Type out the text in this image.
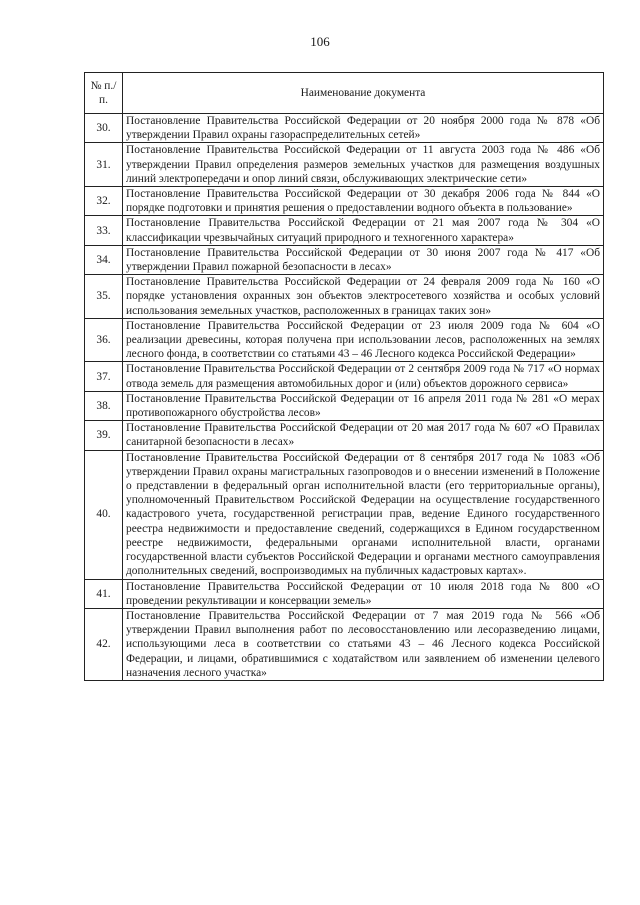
106
№ п./п.	Наименование документа
30.	Постановление Правительства Российской Федерации от 20 ноября 2000 года № 878 «Об утверждении Правил охраны газораспределительных сетей»
31.	Постановление Правительства Российской Федерации от 11 августа 2003 года № 486 «Об утверждении Правил определения размеров земельных участков для размещения воздушных линий электропередачи и опор линий связи, обслуживающих электрические сети»
32.	Постановление Правительства Российской Федерации от 30 декабря 2006 года № 844 «О порядке подготовки и принятия решения о предоставлении водного объекта в пользование»
33.	Постановление Правительства Российской Федерации от 21 мая 2007 года № 304 «О классификации чрезвычайных ситуаций природного и техногенного характера»
34.	Постановление Правительства Российской Федерации от 30 июня 2007 года № 417 «Об утверждении Правил пожарной безопасности в лесах»
35.	Постановление Правительства Российской Федерации от 24 февраля 2009 года № 160 «О порядке установления охранных зон объектов электросетевого хозяйства и особых условий использования земельных участков, расположенных в границах таких зон»
36.	Постановление Правительства Российской Федерации от 23 июля 2009 года № 604 «О реализации древесины, которая получена при использовании лесов, расположенных на землях лесного фонда, в соответствии со статьями 43 – 46 Лесного кодекса Российской Федерации»
37.	Постановление Правительства Российской Федерации от 2 сентября 2009 года № 717 «О нормах отвода земель для размещения автомобильных дорог и (или) объектов дорожного сервиса»
38.	Постановление Правительства Российской Федерации от 16 апреля 2011 года № 281 «О мерах противопожарного обустройства лесов»
39.	Постановление Правительства Российской Федерации от 20 мая 2017 года № 607 «О Правилах санитарной безопасности в лесах»
40.	Постановление Правительства Российской Федерации от 8 сентября 2017 года № 1083 «Об утверждении Правил охраны магистральных газопроводов и о внесении изменений в Положение о представлении в федеральный орган исполнительной власти (его территориальные органы), уполномоченный Правительством Российской Федерации на осуществление государственного кадастрового учета, государственной регистрации прав, ведение Единого государственного реестра недвижимости и предоставление сведений, содержащихся в Едином государственном реестре недвижимости, федеральными органами исполнительной власти, органами государственной власти субъектов Российской Федерации и органами местного самоуправления дополнительных сведений, воспроизводимых на публичных кадастровых картах».
41.	Постановление Правительства Российской Федерации от 10 июля 2018 года № 800 «О проведении рекультивации и консервации земель»
42.	Постановление Правительства Российской Федерации от 7 мая 2019 года № 566 «Об утверждении Правил выполнения работ по лесовосстановлению или лесоразведению лицами, использующими леса в соответствии со статьями 43 – 46 Лесного кодекса Российской Федерации, и лицами, обратившимися с ходатайством или заявлением об изменении целевого назначения лесного участка»
